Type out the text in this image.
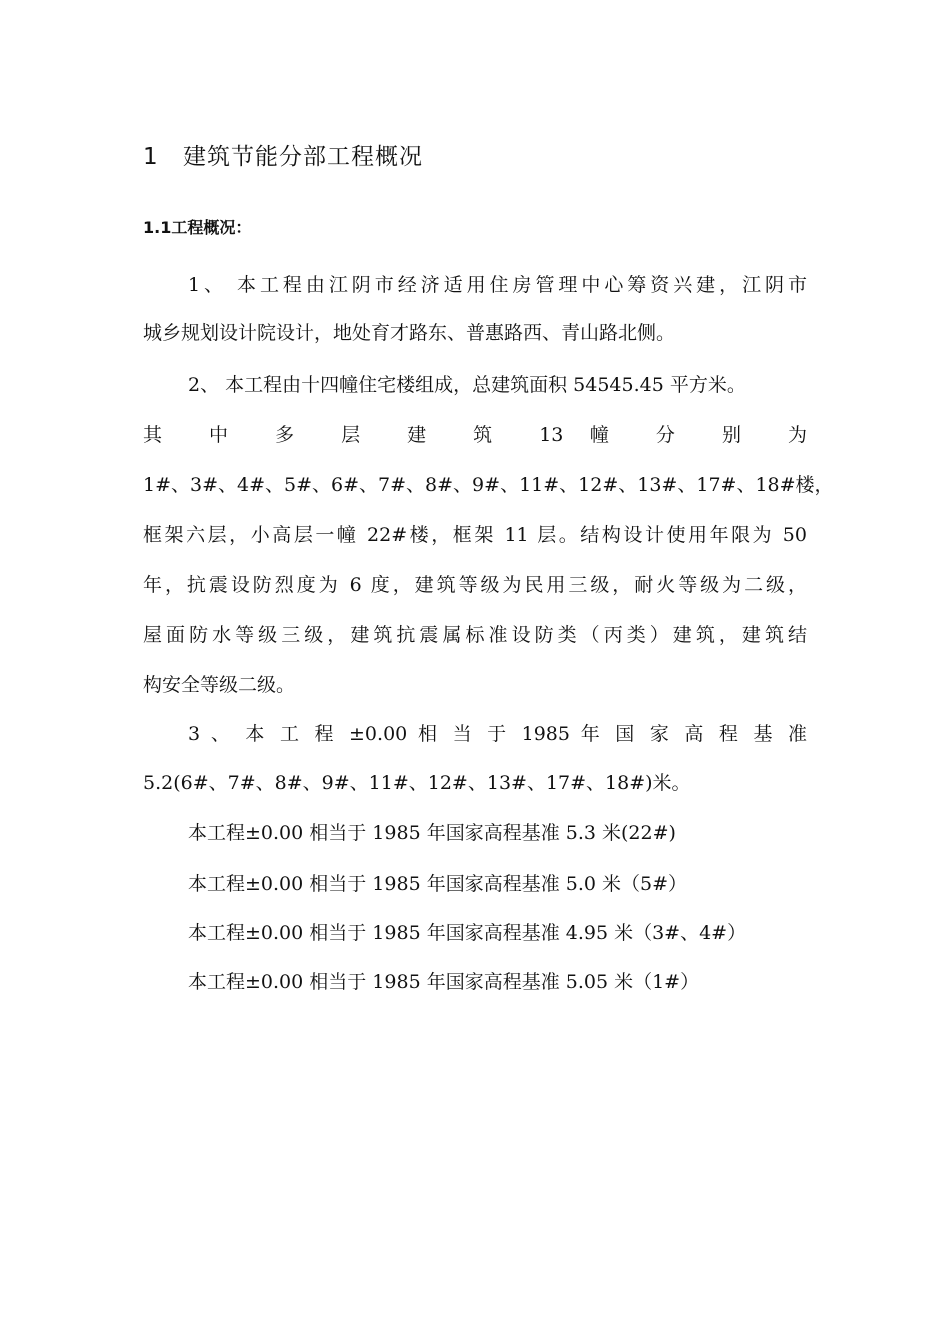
1 建筑节能分部工程概况
1.1工程概况：

1、 本工程由江阴市经济适用住房管理中心筹资兴建，江阴市

城乡规划设计院设计，地处育才路东、普惠路西、青山路北侧。

2、 本工程由十四幢住宅楼组成，总建筑面积 54545.45 平方米。

其 中 多 层 建 筑 13 幢 分 别 为

1#、3#、4#、5#、6#、7#、8#、9#、11#、12#、13#、17#、18#楼，

框架六层，小高层一幢 22#楼，框架 11 层。结构设计使用年限为 50

年，抗震设防烈度为 6 度，建筑等级为民用三级，耐火等级为二级，

屋面防水等级三级，建筑抗震属标准设防类（丙类）建筑，建筑结

构安全等级二级。

3 、 本 工 程 ±0.00 相 当 于 1985 年 国 家 高 程 基 准

5.2(6#、7#、8#、9#、11#、12#、13#、17#、18#)米。

本工程±0.00 相当于 1985 年国家高程基准 5.3 米(22#)

本工程±0.00 相当于 1985 年国家高程基准 5.0 米（5#）

本工程±0.00 相当于 1985 年国家高程基准 4.95 米（3#、4#）

本工程±0.00 相当于 1985 年国家高程基准 5.05 米（1#）
